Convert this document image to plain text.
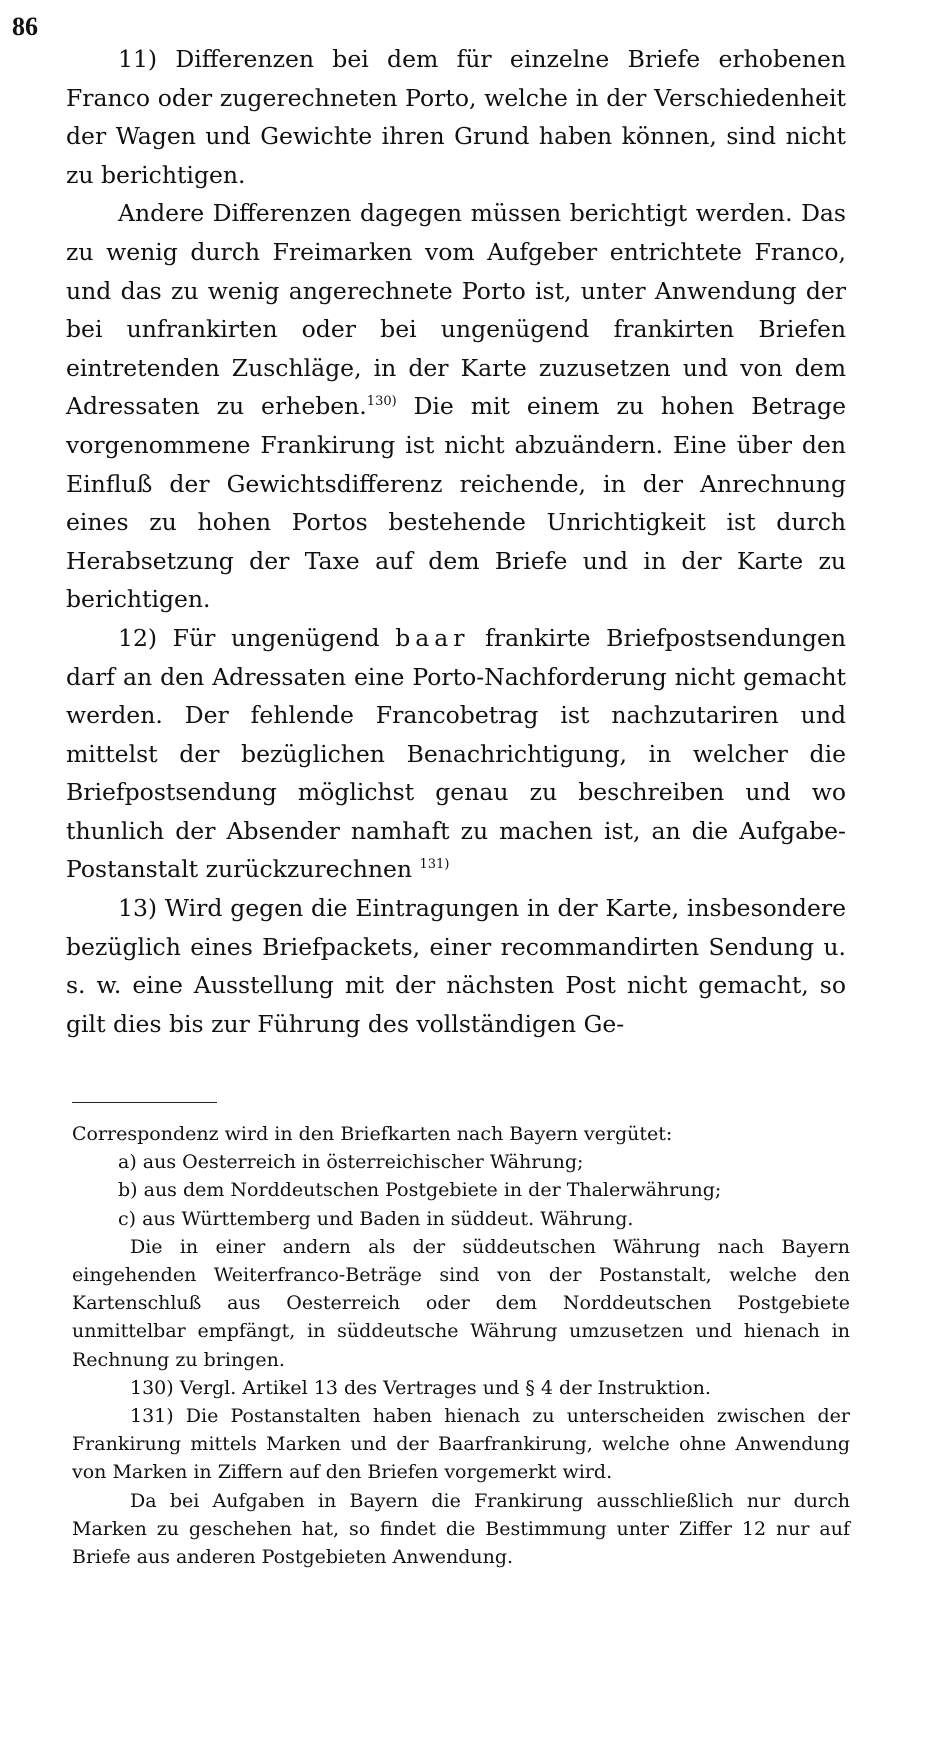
86

11) Differenzen bei dem für einzelne Briefe erhobenen Franco oder zugerechneten Porto, welche in der Verschiedenheit der Wagen und Gewichte ihren Grund haben können, sind nicht zu berichtigen.

Andere Differenzen dagegen müssen berichtigt werden. Das zu wenig durch Freimarken vom Aufgeber entrichtete Franco, und das zu wenig angerechnete Porto ist, unter Anwendung der bei unfrankirten oder bei ungenügend frankirten Briefen eintretenden Zuschläge, in der Karte zuzusetzen und von dem Adressaten zu erheben.$^{130)}$ Die mit einem zu hohen Betrage vorgenommene Frankirung ist nicht abzuändern. Eine über den Einfluß der Gewichtsdifferenz reichende, in der Anrechnung eines zu hohen Portos bestehende Unrichtigkeit ist durch Herabsetzung der Taxe auf dem Briefe und in der Karte zu berichtigen.

12) Für ungenügend baar frankirte Briefpostsendungen darf an den Adressaten eine Porto-Nachforderung nicht gemacht werden. Der fehlende Francobetrag ist nachzutariren und mittelst der bezüglichen Benachrichtigung, in welcher die Briefpostsendung möglichst genau zu beschreiben und wo thunlich der Absender namhaft zu machen ist, an die Aufgabe-Postanstalt zurückzurechnen $^{131)}$

13) Wird gegen die Eintragungen in der Karte, insbesondere bezüglich eines Briefpackets, einer recommandirten Sendung u. s. w. eine Ausstellung mit der nächsten Post nicht gemacht, so gilt dies bis zur Führung des vollständigen Ge-

Correspondenz wird in den Briefkarten nach Bayern vergütet:

a) aus Oesterreich in österreichischer Währung;

b) aus dem Norddeutschen Postgebiete in der Thalerwährung;

c) aus Württemberg und Baden in süddeut. Währung.

Die in einer andern als der süddeutschen Währung nach Bayern eingehenden Weiterfranco-Beträge sind von der Postanstalt, welche den Kartenschluß aus Oesterreich oder dem Norddeutschen Postgebiete unmittelbar empfängt, in süddeutsche Währung umzusetzen und hienach in Rechnung zu bringen.

130) Vergl. Artikel 13 des Vertrages und § 4 der Instruktion.

131) Die Postanstalten haben hienach zu unterscheiden zwischen der Frankirung mittels Marken und der Baarfrankirung, welche ohne Anwendung von Marken in Ziffern auf den Briefen vorgemerkt wird.

Da bei Aufgaben in Bayern die Frankirung ausschließlich nur durch Marken zu geschehen hat, so findet die Bestimmung unter Ziffer 12 nur auf Briefe aus anderen Postgebieten Anwendung.
